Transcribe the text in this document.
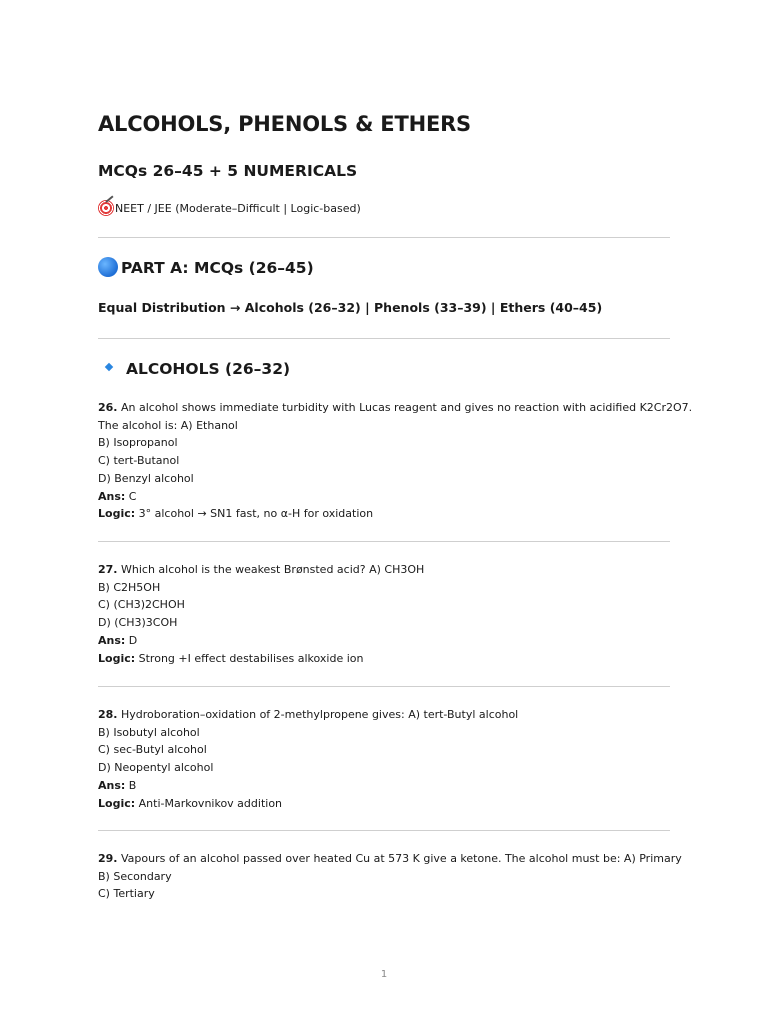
ALCOHOLS, PHENOLS & ETHERS
MCQs 26–45 + 5 NUMERICALS
NEET / JEE (Moderate–Difficult | Logic-based)
PART A: MCQs (26–45)
Equal Distribution → Alcohols (26–32) | Phenols (33–39) | Ethers (40–45)
ALCOHOLS (26–32)
26. An alcohol shows immediate turbidity with Lucas reagent and gives no reaction with acidified K2Cr2O7.
The alcohol is: A) Ethanol
B) Isopropanol
C) tert-Butanol
D) Benzyl alcohol
Ans: C
Logic: 3° alcohol → SN1 fast, no α-H for oxidation
27. Which alcohol is the weakest Brønsted acid? A) CH3OH
B) C2H5OH
C) (CH3)2CHOH
D) (CH3)3COH
Ans: D
Logic: Strong +I effect destabilises alkoxide ion
28. Hydroboration–oxidation of 2-methylpropene gives: A) tert-Butyl alcohol
B) Isobutyl alcohol
C) sec-Butyl alcohol
D) Neopentyl alcohol
Ans: B
Logic: Anti-Markovnikov addition
29. Vapours of an alcohol passed over heated Cu at 573 K give a ketone. The alcohol must be: A) Primary
B) Secondary
C) Tertiary
1
